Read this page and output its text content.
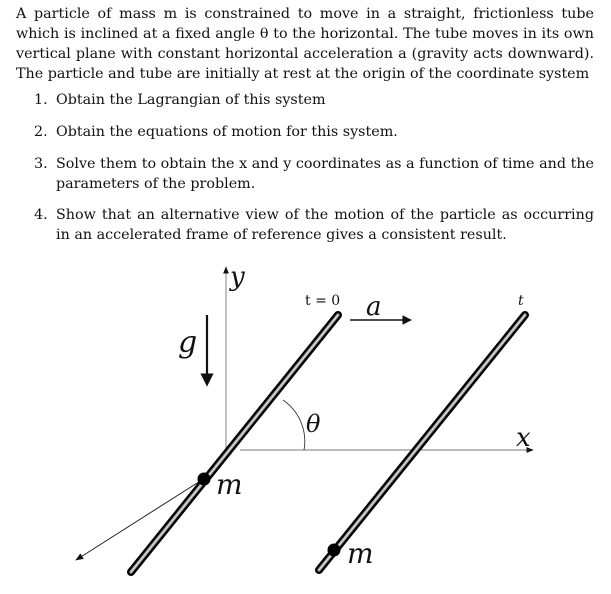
A particle of mass m is constrained to move in a straight, frictionless tube which is inclined at a fixed angle θ to the horizontal. The tube moves in its own vertical plane with constant horizontal acceleration a (gravity acts downward). The particle and tube are initially at rest at the origin of the coordinate system

1. Obtain the Lagrangian of this system
2. Obtain the equations of motion for this system.
3. Solve them to obtain the x and y coordinates as a function of time and the parameters of the problem.
4. Show that an alternative view of the motion of the particle as occurring in an accelerated frame of reference gives a consistent result.
y
x
g
a
θ
t = 0	t
m
m
